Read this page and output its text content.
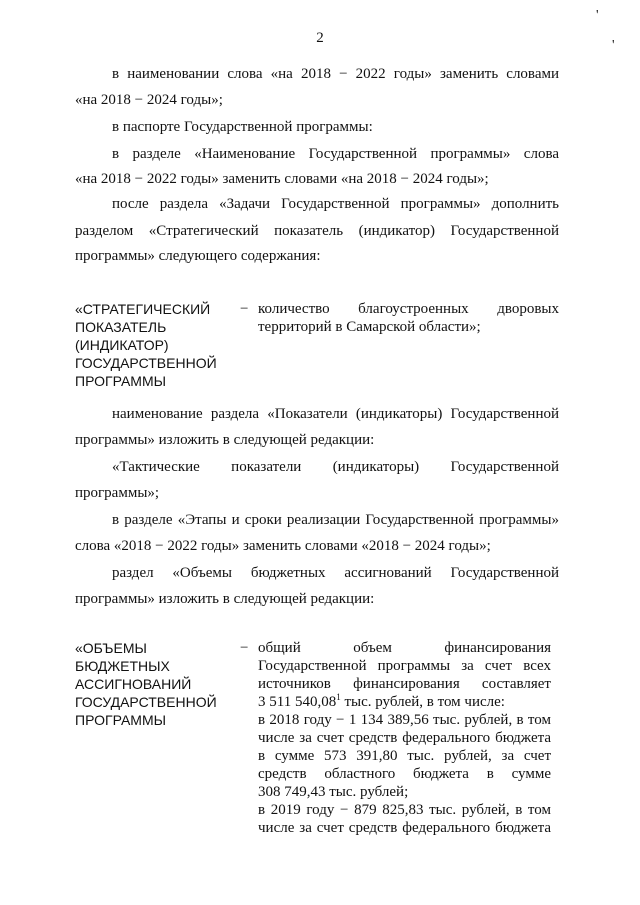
2
'
'
в наименовании слова «на 2018 − 2022 годы» заменить словами
«на 2018 − 2024 годы»;
в паспорте Государственной программы:
в разделе «Наименование Государственной программы» слова
«на 2018 − 2022 годы» заменить словами «на 2018 − 2024 годы»;
после раздела «Задачи Государственной программы» дополнить
разделом «Стратегический показатель (индикатор) Государственной
программы» следующего содержания:
«СТРАТЕГИЧЕСКИЙ
ПОКАЗАТЕЛЬ
(ИНДИКАТОР)
ГОСУДАРСТВЕННОЙ
ПРОГРАММЫ
− количество благоустроенных дворовых
территорий в Самарской области»;
наименование раздела «Показатели (индикаторы) Государственной
программы» изложить в следующей редакции:
«Тактические показатели (индикаторы) Государственной
программы»;
в разделе «Этапы и сроки реализации Государственной программы»
слова «2018 − 2022 годы» заменить словами «2018 − 2024 годы»;
раздел «Объемы бюджетных ассигнований Государственной
программы» изложить в следующей редакции:
«ОБЪЕМЫ
БЮДЖЕТНЫХ
АССИГНОВАНИЙ
ГОСУДАРСТВЕННОЙ
ПРОГРАММЫ
− общий объем финансирования
Государственной программы за счет всех
источников финансирования составляет
3 511 540,08$^1$ тыс. рублей, в том числе:
в 2018 году − 1 134 389,56 тыс. рублей, в том
числе за счет средств федерального бюджета
в сумме 573 391,80 тыс. рублей, за счет
средств областного бюджета в сумме
308 749,43 тыс. рублей;
в 2019 году − 879 825,83 тыс. рублей, в том
числе за счет средств федерального бюджета
